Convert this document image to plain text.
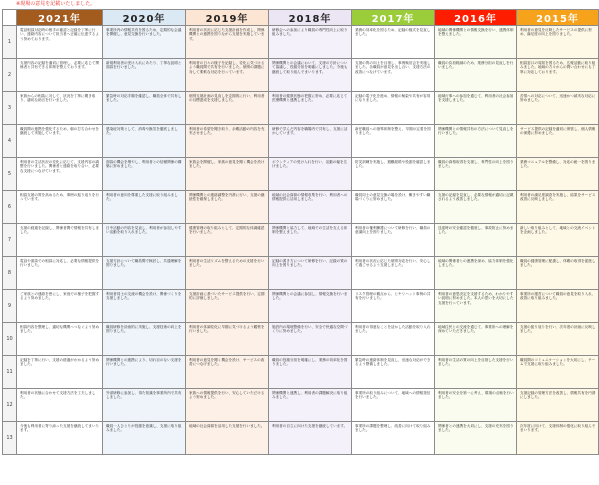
※現場の意見を記載いたしました。
	2021年	2020年	2019年	2018年	2017年	2016年	2015年
1	電話相談対応時の相手の確認と記録を丁寧に行い、連絡内容について担当者へ正確に伝達するよう努めております。	事業所内の情報共有を図るため、定期的な会議を開催し、意見交換を行いました。	利用者の状況に応じた支援計画を作成し、関係機関との連携を図りながら支援を実施しています。	研修会への参加により職員の専門性向上に取り組みました。	業務の効率化を図るため、記録の様式を見直しました。	地域の関係機関との情報交換を行い、連携体制を整えました。	利用者の意見を反映したサービスの提供に努め、満足度の向上を図りました。
2	支援内容の記録を適切に管理し、必要に応じて関係者と共有できる体制を整えております。	新規利用者の受け入れにあたり、丁寧な説明と面談を行いました。	利用者の日々の様子を記録し、変化に気づけるよう職員間で共有を行いました。個別の課題に対して柔軟な対応を行っています。	関係機関との会議において、支援の方針について協議し、役割分担を明確にしました。今後も継続して取り組んでまいります。	支援の質の向上を目指し、事例検討会を実施しました。各職員が意見を出し合い、支援方法の改善につなげています。	職員の負担軽減のため、業務分担の見直しを行いました。	相談窓口の周知を図るため、広報活動に取り組みました。地域の方々からの問い合わせにも丁寧に対応しております。
3	家族からの相談に対して、状況を丁寧に聞き取り、適切な助言を行いました。	緊急時の対応手順を確認し、職員全体で共有しました。	個別支援計画の見直しを定期的に行い、利用者の目標達成を支援しました。	利用者の健康状態の把握に努め、必要に応じて医療機関と連携しました。	記録の電子化を進め、情報の検索や共有が容易になりました。	地域行事への参加を通じて、利用者の社会参加を支援しました。	苦情への対応について、迅速かつ誠実な対応に努めました。
4	職員間の連携を強化するため、朝の打ち合わせを継続して実施しています。	感染症対策として、消毒や換気を徹底しました。	利用者の希望を聞き取り、余暇活動の内容を充実させました。	研修で学んだ内容を職場内で共有し、支援に活かしています。	新任職員への指導体制を整え、早期の定着を図りました。	関係機関との情報共有の方法について見直しを行いました。	サービス提供の記録を適切に保管し、個人情報の保護に努めました。
5	利用者の生活状況の変化に応じて、支援内容の調整を行いました。関係者と連絡を取り合い、必要な支援につなげています。	面談の機会を増やし、利用者との信頼関係の構築に努めました。	家族会を開催し、家族の意見を聞く機会を設けました。	ボランティアの受け入れを行い、活動の幅を広げました。	防災訓練を実施し、避難経路や役割を確認しました。	職員の資格取得を支援し、専門性の向上を図りました。	業務マニュアルを整備し、対応の統一を図りました。
6	相談支援の質を高めるため、事例の振り返りを行っています。	利用者の意向を尊重した支援に取り組みました。	関係機関との連絡調整を円滑に行い、支援の継続性を確保しました。	地域の社会資源の情報収集を行い、利用者への情報提供に活用しました。	職員同士の意見交換の場を設け、働きやすい職場づくりに努めました。	支援の記録を見直し、必要な情報が適切に記載されるよう改善しました。	利用者の満足度調査を実施し、結果をサービス改善に反映しました。
7	支援の経過を記録し、関係者間で情報を共有しました。	日中活動の内容を見直し、利用者が参加しやすい活動を取り入れました。	健康管理の取り組みとして、定期的な体調確認を行いました。	関係機関と協力して、地域での生活を支える体制を整えました。	利用者の権利擁護について研修を行い、職員の意識向上を図りました。	送迎時の安全確認を徹底し、事故防止に努めました。	新しい取り組みとして、地域との交流イベントを企画しました。
8	電話や面談での相談に対応し、必要な情報提供を行いました。	支援方針について職員間で検討し、共通理解を図りました。	利用者の生活リズムを整えるための支援を行いました。	記録の書き方について研修を行い、記録の質の向上を図りました。	利用者の状況に応じた個別対応を行い、安心して過ごせるよう支援しました。	地域の関係者との連携を深め、協力体制を強化しました。	職員の健康管理に配慮し、休暇の取得を促進しました。
9	ご家族との連絡を密にし、家庭での様子を把握するよう努めました。	利用者同士の交流の機会を設け、関係づくりを支援しました。	支援計画に基づいたサービス提供を行い、定期的に評価しました。	関係機関との会議に参加し、情報交換を行いました。	リスク管理の観点から、ヒヤリハット事例の共有を行いました。	利用者の意思決定を支援するため、わかりやすい説明に努めました。本人の思いを大切にした支援を行っています。	事業所の運営について職員の意見を取り入れ、改善に取り組みました。
10	相談内容を整理し、適切な機関へつなぐよう努めました。	職員研修を計画的に実施し、支援技術の向上を図りました。	利用者の体調変化に早期に気づけるよう観察を行いました。	施設内の環境整備を行い、安全で快適な空間づくりに努めました。	利用者の得意なことを活かした活動を取り入れました。	地域住民との交流を通じて、事業所への理解を深めていただきました。	支援の振り返りを行い、次年度の計画に反映しました。
11	記録を丁寧に行い、支援の経過がわかるよう努めました。	関係機関との連携により、切れ目のない支援を行いました。	利用者の意見を聞く機会を設け、サービスの改善につなげました。	職員の役割分担を明確にし、業務の効率化を図りました。	緊急時の連絡体制を見直し、迅速な対応ができるよう整備しました。	利用者の生活の質の向上を目指した支援を行いました。	職員間のコミュニケーションを大切にし、チームで支援に取り組みました。
12	利用者の状態に合わせて支援方法を工夫しました。	外部研修に参加し、得た知識を事業所内で共有しました。	家族への情報提供を行い、安心していただけるよう努めました。	関係機関と連携し、利用者の課題解決に取り組みました。	事業所の取り組みについて、地域への情報発信を行いました。	利用者の安全を第一に考え、環境の点検を行いました。	支援記録の管理方法を改善し、情報共有を円滑にしました。
13	今後も利用者に寄り添った支援を継続してまいります。	職員一人ひとりが役割を意識し、支援に取り組みました。	地域の社会資源を活用した支援を行いました。	利用者の自立に向けた支援を継続しています。	事業所の課題を整理し、改善に向けて取り組みました。	関係者との連携を大切にし、支援の充実を図りました。	次年度に向けて、支援体制の強化に取り組んでまいります。
